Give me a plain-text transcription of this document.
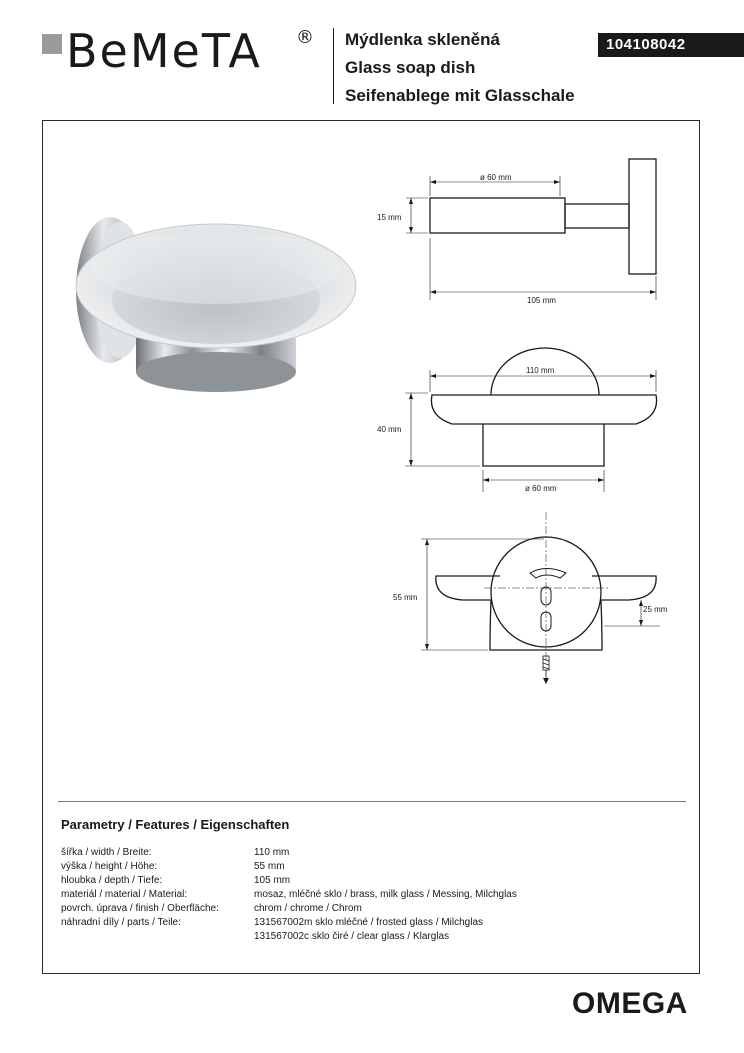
BeMeTA ® Mýdlenka skleněná
Glass soap dish
Seifenablege mit Glasschale
104108042
ø 60 mm
15 mm
105 mm
110 mm
40 mm
ø 60 mm
55 mm
25 mm
Parametry / Features / Eigenschaften
šířka / width / Breite:	110 mm
výška / height / Höhe:	55 mm
hloubka / depth / Tiefe:	105 mm
materiál / material / Material:	mosaz, mléčné sklo / brass, milk glass / Messing, Milchglas
povrch. úprava / finish / Oberfläche:	chrom / chrome / Chrom
náhradní díly / parts / Teile:	131567002m sklo mléčné / frosted glass / Milchglas
	131567002c sklo čiré / clear glass / Klarglas
OMEGA
